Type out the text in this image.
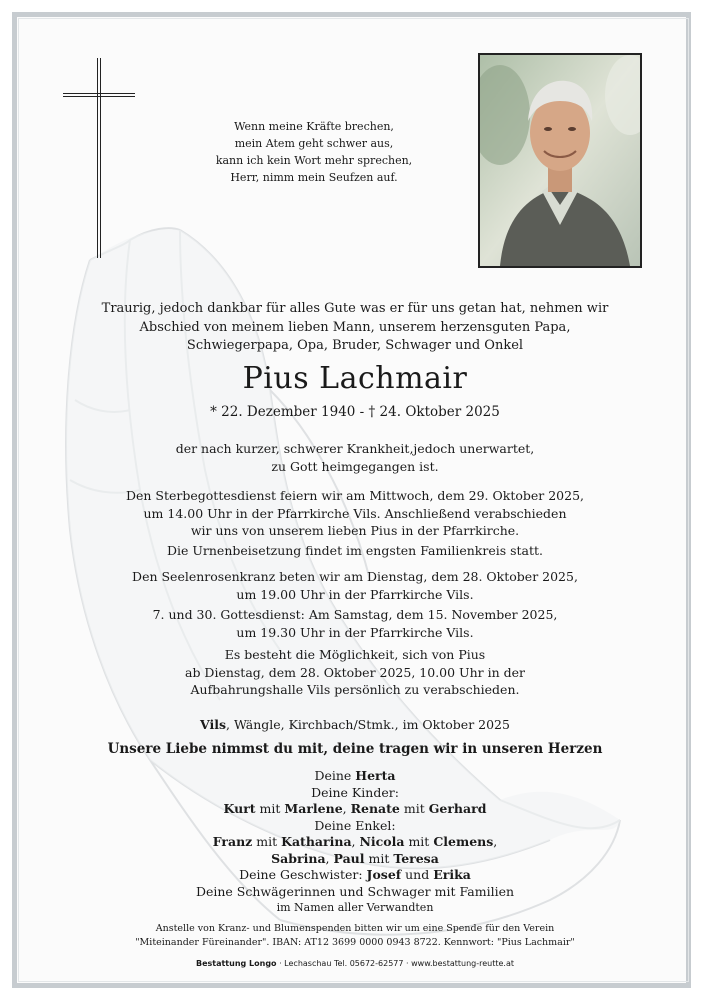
Wenn meine Kräfte brechen,
mein Atem geht schwer aus,
kann ich kein Wort mehr sprechen,
Herr, nimm mein Seufzen auf.
Traurig, jedoch dankbar für alles Gute was er für uns getan hat, nehmen wir
Abschied von meinem lieben Mann, unserem herzensguten Papa,
Schwiegerpapa, Opa, Bruder, Schwager und Onkel
Pius Lachmair
* 22. Dezember 1940 - † 24. Oktober 2025
der nach kurzer, schwerer Krankheit,jedoch unerwartet,
zu Gott heimgegangen ist.
Den Sterbegottesdienst feiern wir am Mittwoch, dem 29. Oktober 2025,
um 14.00 Uhr in der Pfarrkirche Vils. Anschließend verabschieden
wir uns von unserem lieben Pius in der Pfarrkirche.
Die Urnenbeisetzung findet im engsten Familienkreis statt.
Den Seelenrosenkranz beten wir am Dienstag, dem 28. Oktober 2025,
um 19.00 Uhr in der Pfarrkirche Vils.
7. und 30. Gottesdienst: Am Samstag, dem 15. November 2025,
um 19.30 Uhr in der Pfarrkirche Vils.
Es besteht die Möglichkeit, sich von Pius
ab Dienstag, dem 28. Oktober 2025, 10.00 Uhr in der
Aufbahrungshalle Vils persönlich zu verabschieden.
Vils, Wängle, Kirchbach/Stmk., im Oktober 2025
Unsere Liebe nimmst du mit, deine tragen wir in unseren Herzen
Deine Herta
Deine Kinder:
Kurt mit Marlene, Renate mit Gerhard
Deine Enkel:
Franz mit Katharina, Nicola mit Clemens,
Sabrina, Paul mit Teresa
Deine Geschwister: Josef und Erika
Deine Schwägerinnen und Schwager mit Familien
im Namen aller Verwandten
Anstelle von Kranz- und Blumenspenden bitten wir um eine Spende für den Verein
"Miteinander Füreinander". IBAN: AT12 3699 0000 0943 8722. Kennwort: "Pius Lachmair"
Bestattung Longo · Lechaschau Tel. 05672-62577 · www.bestattung-reutte.at
